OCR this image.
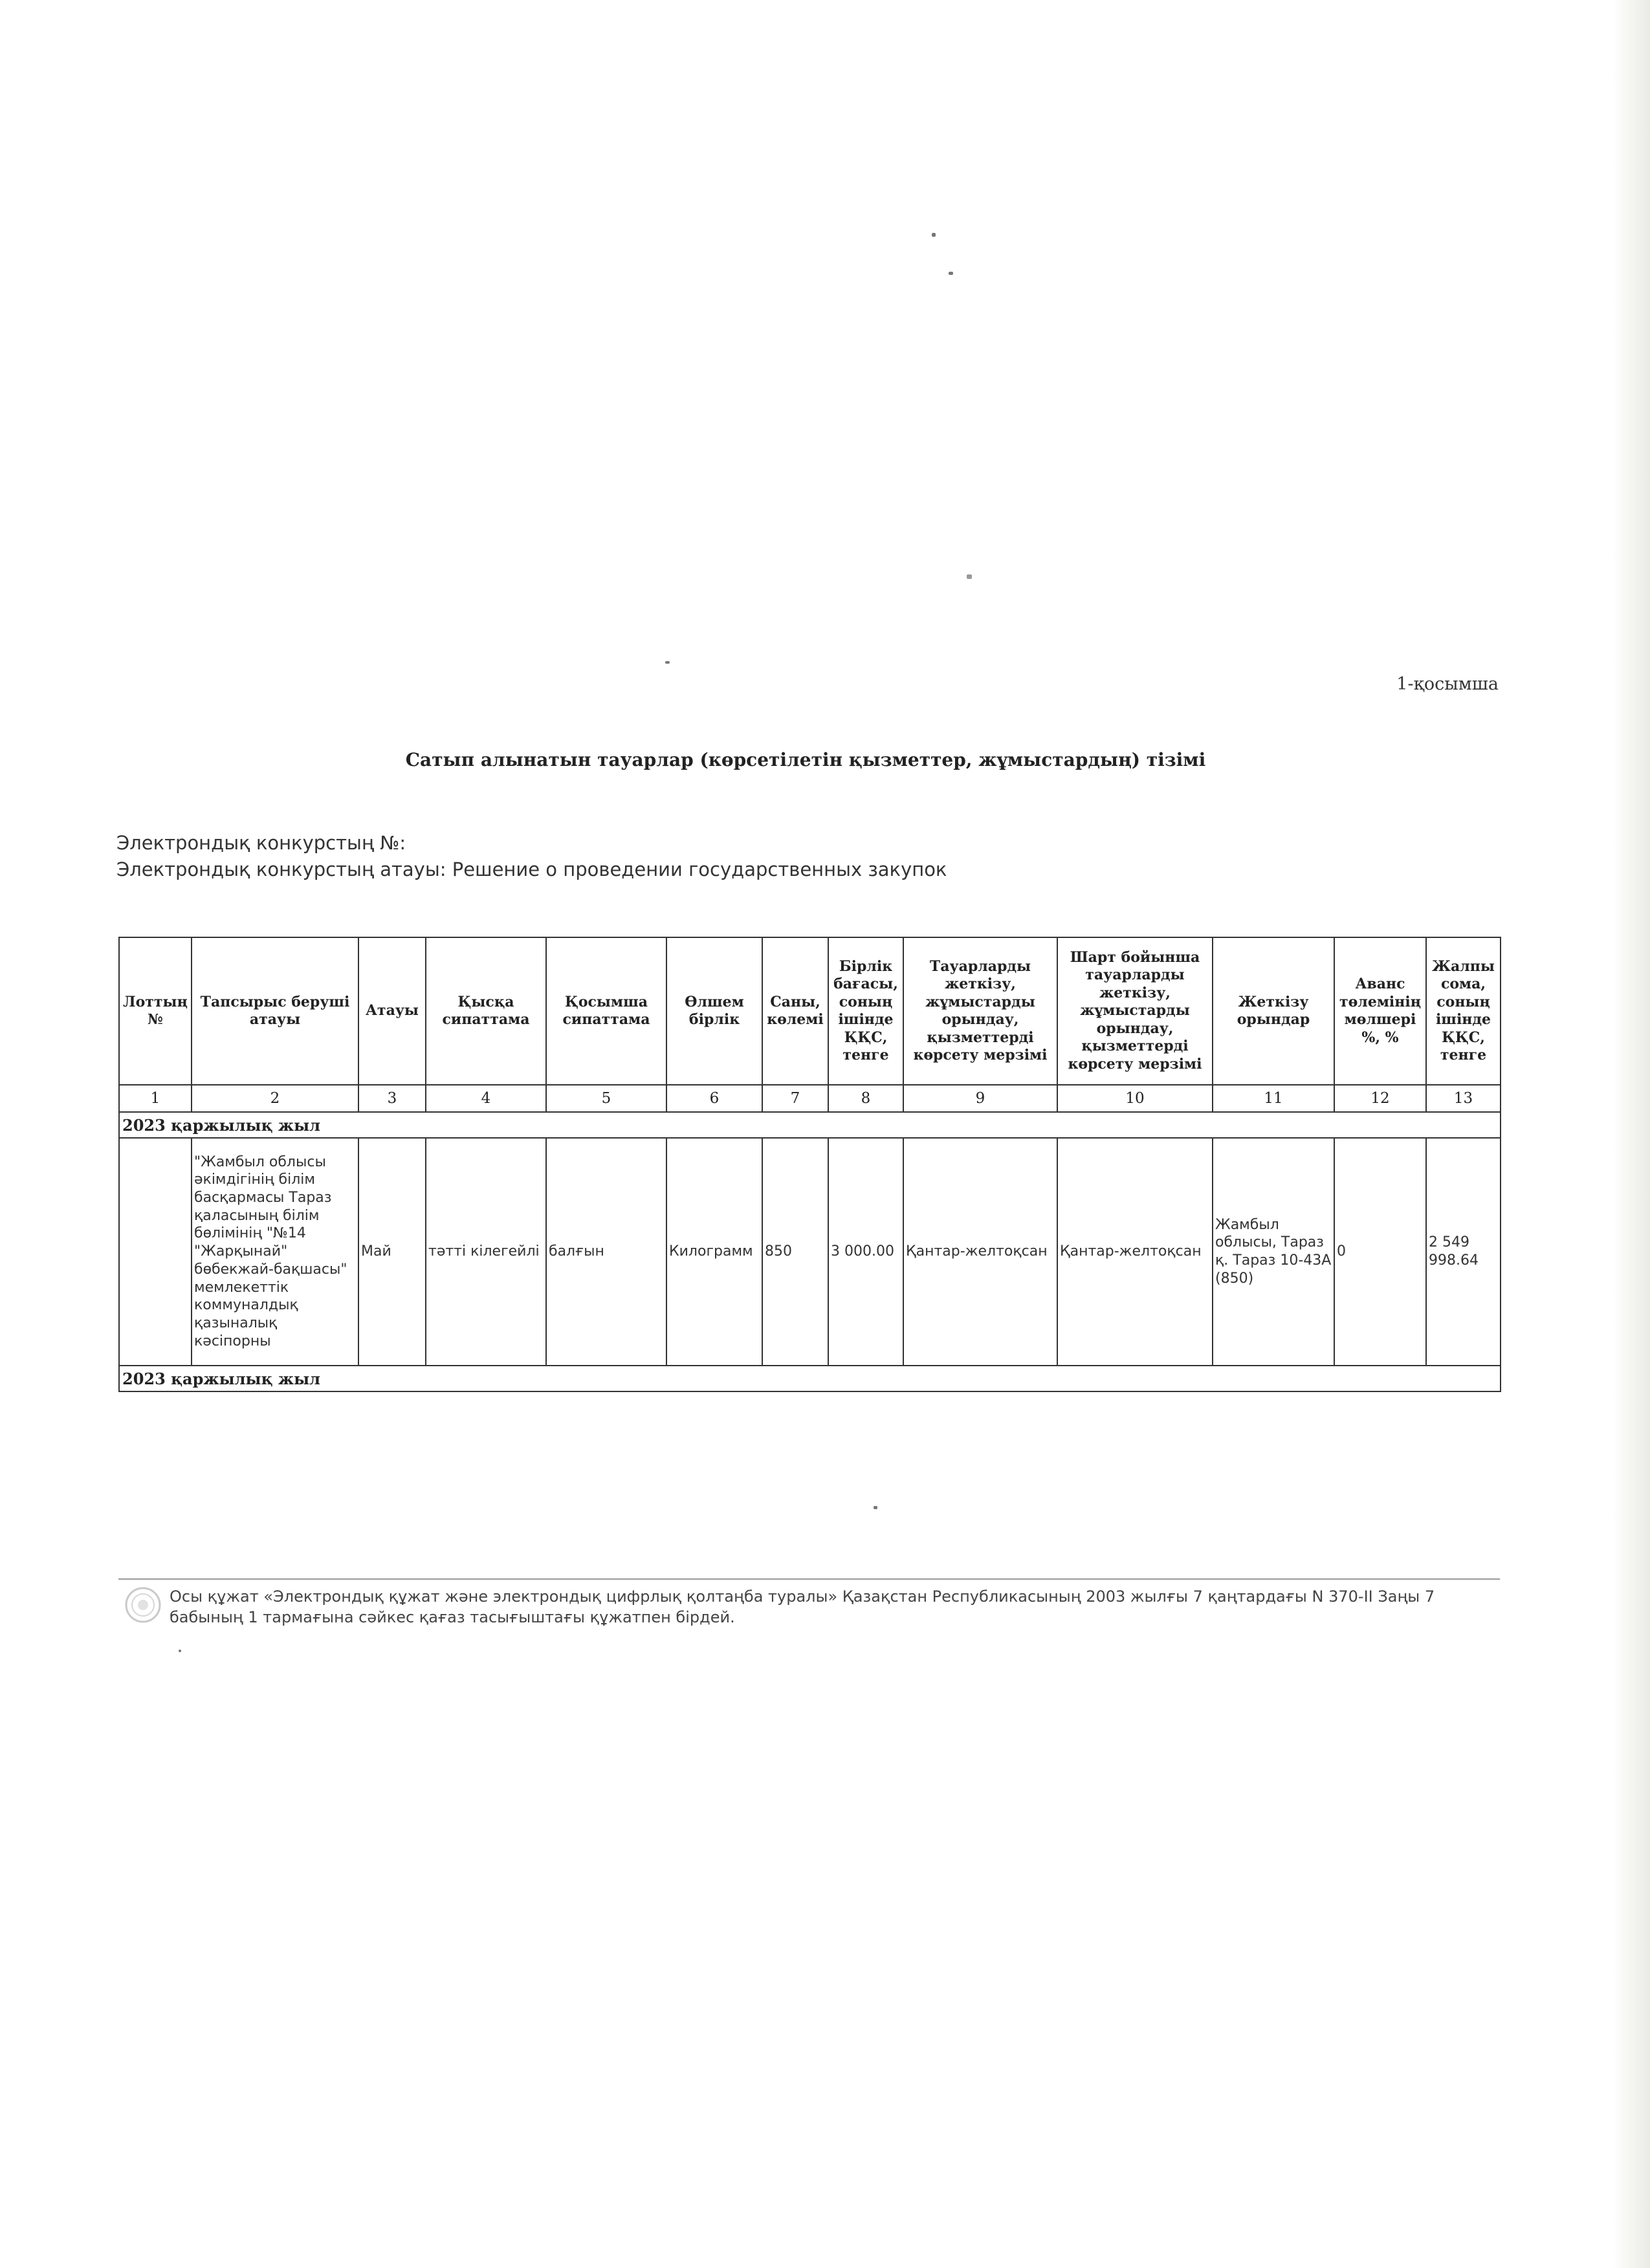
1-қосымша
Сатып алынатын тауарлар (көрсетілетін қызметтер, жұмыстардың) тізімі
Электрондық конкурстың №:
Электрондық конкурстың атауы: Решение о проведении государственных закупок
Лоттың №	Тапсырыс беруші атауы	Атауы	Қысқа сипаттама	Қосымша сипаттама	Өлшем бірлік	Саны, көлемі	Бірлік бағасы, соның ішінде ҚҚС, тенге	Тауарларды жеткізу, жұмыстарды орындау, қызметтерді көрсету мерзімі	Шарт бойынша тауарларды жеткізу, жұмыстарды орындау, қызметтерді көрсету мерзімі	Жеткізу орындар	Аванс төлемінің мөлшері %, %	Жалпы сома, соның ішінде ҚҚС, тенге
1	2	3	4	5	6	7	8	9	10	11	12	13
2023 қаржылық жыл												
	"Жамбыл облысы әкімдігінің білім басқармасы Тараз қаласының білім бөлімінің "№14 "Жарқынай" бөбекжай-бақшасы" мемлекеттік коммуналдық қазыналық кәсіпорны	Май	тәтті кілегейлі	балғын	Килограмм	850	3 000.00	Қантар-желтоқсан	Қантар-желтоқсан	Жамбыл облысы, Тараз қ. Тараз 10-43А (850)	0	2 549 998.64
2023 қаржылық жыл												
Осы құжат «Электрондық құжат және электрондық цифрлық қолтаңба туралы» Қазақстан Республикасының 2003 жылғы 7 қаңтардағы N 370-II Заңы 7 бабының 1 тармағына сәйкес қағаз тасығыштағы құжатпен бірдей.
